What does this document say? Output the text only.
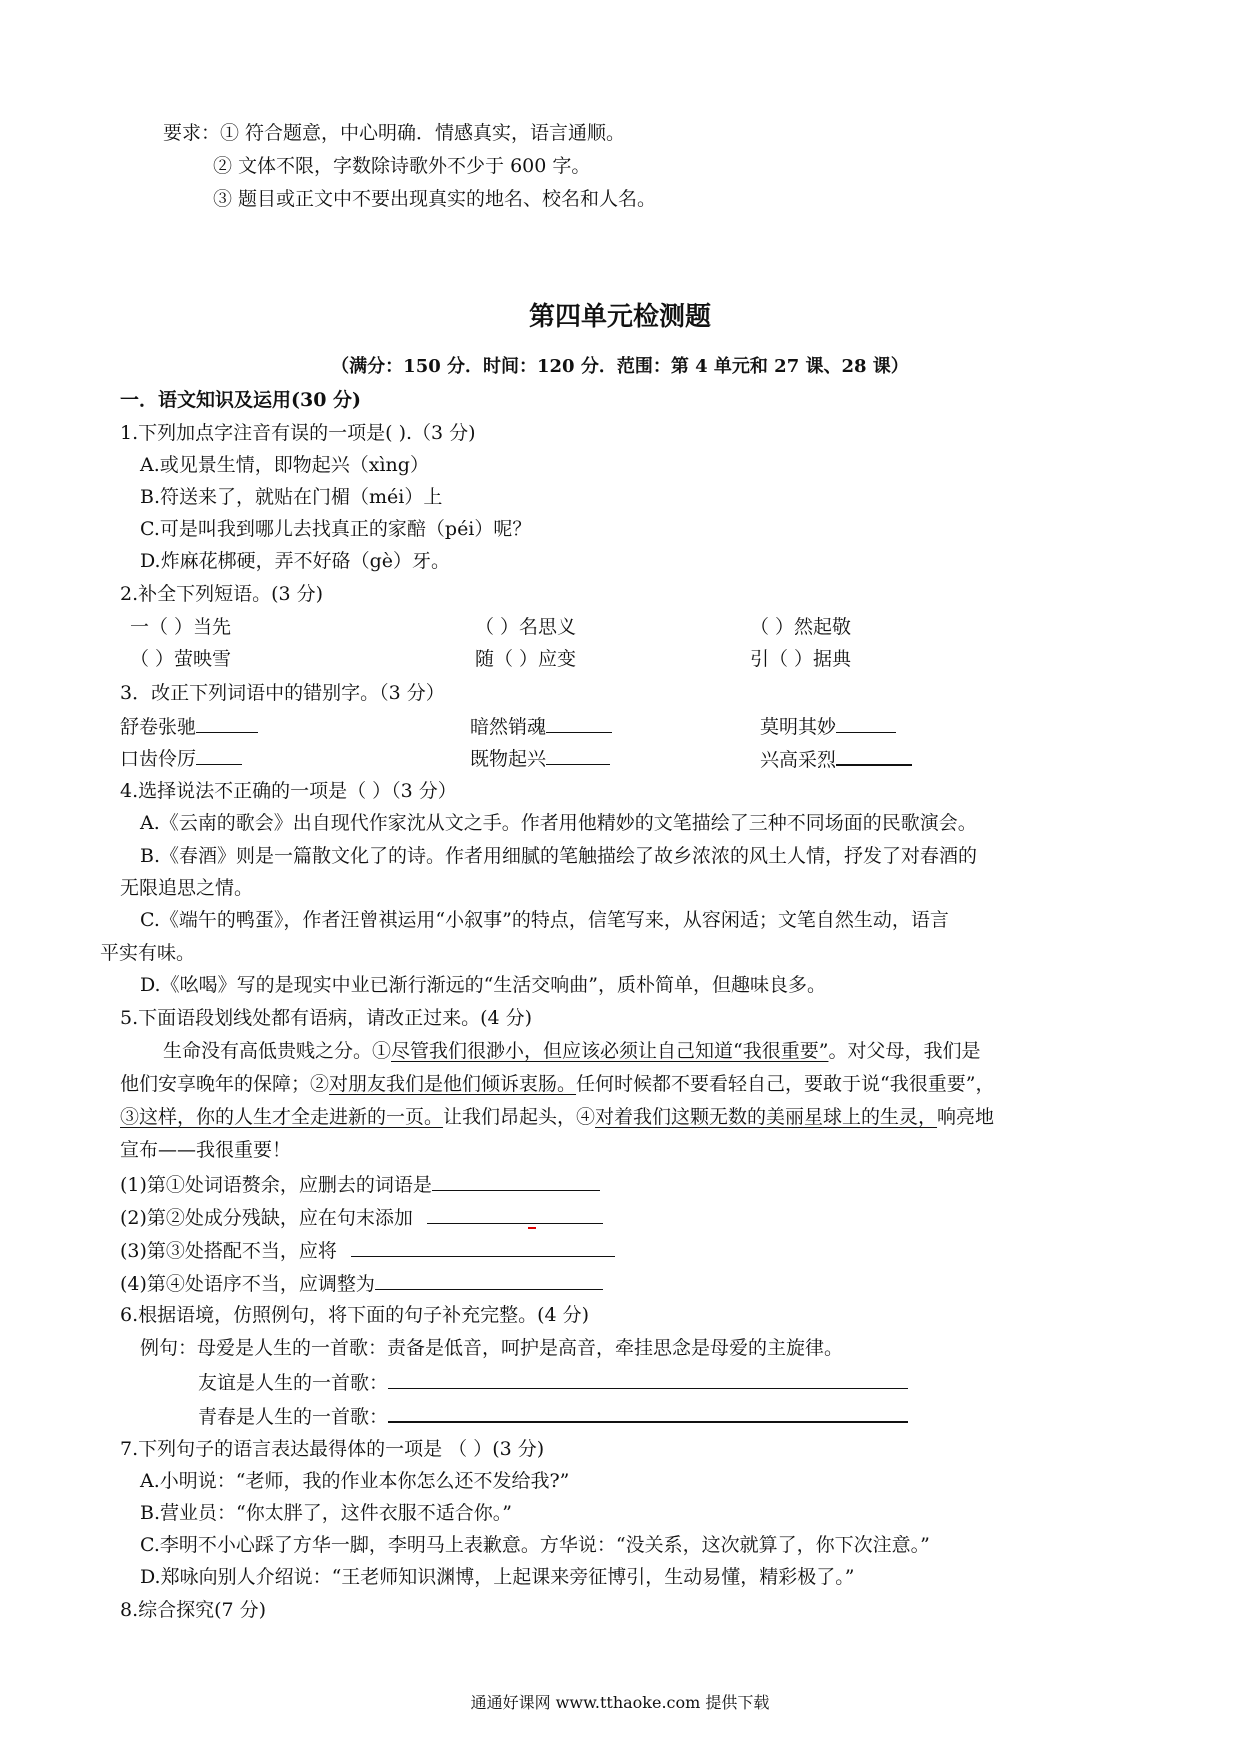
要求：① 符合题意，中心明确．情感真实，语言通顺。
② 文体不限，字数除诗歌外不少于 600 字。
③ 题目或正文中不要出现真实的地名、校名和人名。
第四单元检测题
（满分：150 分．时间：120 分．范围：第 4 单元和 27 课、28 课）
一．语文知识及运用(30 分)
1.下列加点字注音有误的一项是( ).（3 分)
A.或见景生情，即物起兴（xìng）
B.符送来了，就贴在门楣（méi）上
C.可是叫我到哪儿去找真正的家醅（péi）呢？
D.炸麻花梆硬，弄不好硌（gè）牙。
2.补全下列短语。(3 分)
一（ ）当先	（ ）名思义	（ ）然起敬
（ ）萤映雪	随（ ）应变	引（ ）据典
3．改正下列词语中的错别字。（3 分）
舒卷张驰	暗然销魂	莫明其妙
口齿伶厉	既物起兴	兴高采烈
4.选择说法不正确的一项是（ ）（3 分）
A.《云南的歌会》出自现代作家沈从文之手。作者用他精妙的文笔描绘了三种不同场面的民歌演会。
B.《春酒》则是一篇散文化了的诗。作者用细腻的笔触描绘了故乡浓浓的风土人情，抒发了对春酒的
无限追思之情。
C.《端午的鸭蛋》，作者汪曾祺运用“小叙事”的特点，信笔写来，从容闲适；文笔自然生动，语言
平实有味。
D.《吆喝》写的是现实中业已渐行渐远的“生活交响曲”，质朴简单，但趣味良多。
5.下面语段划线处都有语病，请改正过来。(4 分)
生命没有高低贵贱之分。①尽管我们很渺小，但应该必须让自己知道“我很重要”。对父母，我们是
他们安享晚年的保障；②对朋友我们是他们倾诉衷肠。任何时候都不要看轻自己，要敢于说“我很重要”，
③这样，你的人生才全走进新的一页。让我们昂起头，④对着我们这颗无数的美丽星球上的生灵，响亮地
宣布——我很重要！
(1)第①处词语赘余，应删去的词语是
(2)第②处成分残缺，应在句末添加
(3)第③处搭配不当，应将
(4)第④处语序不当，应调整为
6.根据语境，仿照例句，将下面的句子补充完整。(4 分)
例句：母爱是人生的一首歌：责备是低音，呵护是高音，牵挂思念是母爱的主旋律。
友谊是人生的一首歌：
青春是人生的一首歌：
7.下列句子的语言表达最得体的一项是 （ ）(3 分)
A.小明说：“老师，我的作业本你怎么还不发给我?”
B.营业员：“你太胖了，这件衣服不适合你。”
C.李明不小心踩了方华一脚，李明马上表歉意。方华说：“没关系，这次就算了，你下次注意。”
D.郑咏向别人介绍说：“王老师知识渊博，上起课来旁征博引，生动易懂，精彩极了。”
8.综合探究(7 分)
通通好课网 www.tthaoke.com 提供下载
